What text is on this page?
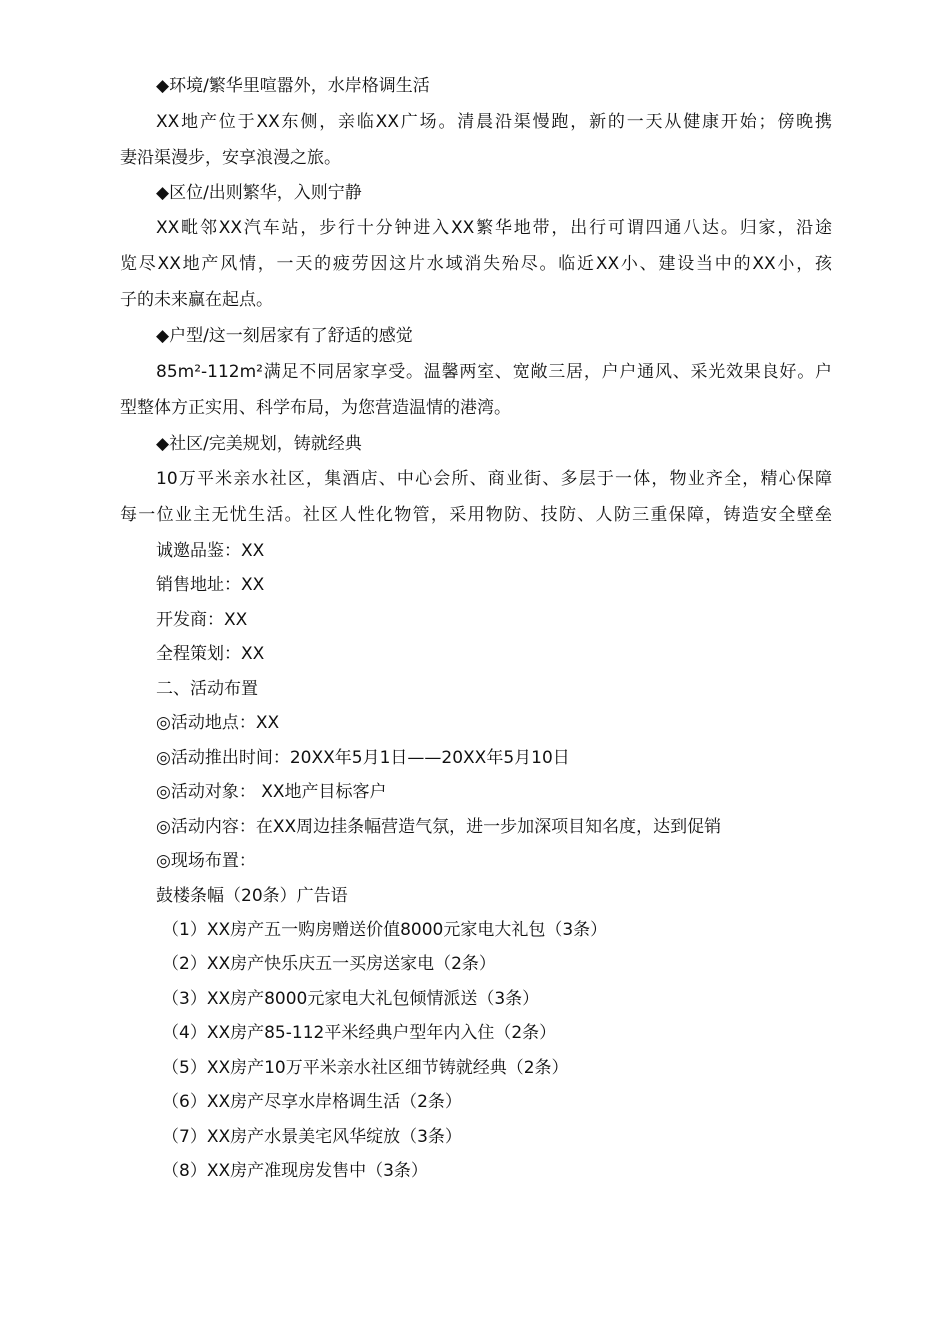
◆环境/繁华里喧嚣外，水岸格调生活
XX地产位于XX东侧，亲临XX广场。清晨沿渠慢跑，新的一天从健康开始；傍晚携
妻沿渠漫步，安享浪漫之旅。
◆区位/出则繁华，入则宁静
XX毗邻XX汽车站，步行十分钟进入XX繁华地带，出行可谓四通八达。归家，沿途
览尽XX地产风情，一天的疲劳因这片水域消失殆尽。临近XX小、建设当中的XX小，孩
子的未来赢在起点。
◆户型/这一刻居家有了舒适的感觉
85m²-112m²满足不同居家享受。温馨两室、宽敞三居，户户通风、采光效果良好。户
型整体方正实用、科学布局，为您营造温情的港湾。
◆社区/完美规划，铸就经典
10万平米亲水社区，集酒店、中心会所、商业街、多层于一体，物业齐全，精心保障
每一位业主无忧生活。社区人性化物管，采用物防、技防、人防三重保障，铸造安全壁垒
诚邀品鉴：XX
销售地址：XX
开发商：XX
全程策划：XX
二、活动布置
◎活动地点：XX
◎活动推出时间：20XX年5月1日——20XX年5月10日
◎活动对象： XX地产目标客户
◎活动内容：在XX周边挂条幅营造气氛，进一步加深项目知名度，达到促销
◎现场布置：
鼓楼条幅（20条）广告语
（1）XX房产五一购房赠送价值8000元家电大礼包（3条）
（2）XX房产快乐庆五一买房送家电（2条）
（3）XX房产8000元家电大礼包倾情派送（3条）
（4）XX房产85-112平米经典户型年内入住（2条）
（5）XX房产10万平米亲水社区细节铸就经典（2条）
（6）XX房产尽享水岸格调生活（2条）
（7）XX房产水景美宅风华绽放（3条）
（8）XX房产准现房发售中（3条）
